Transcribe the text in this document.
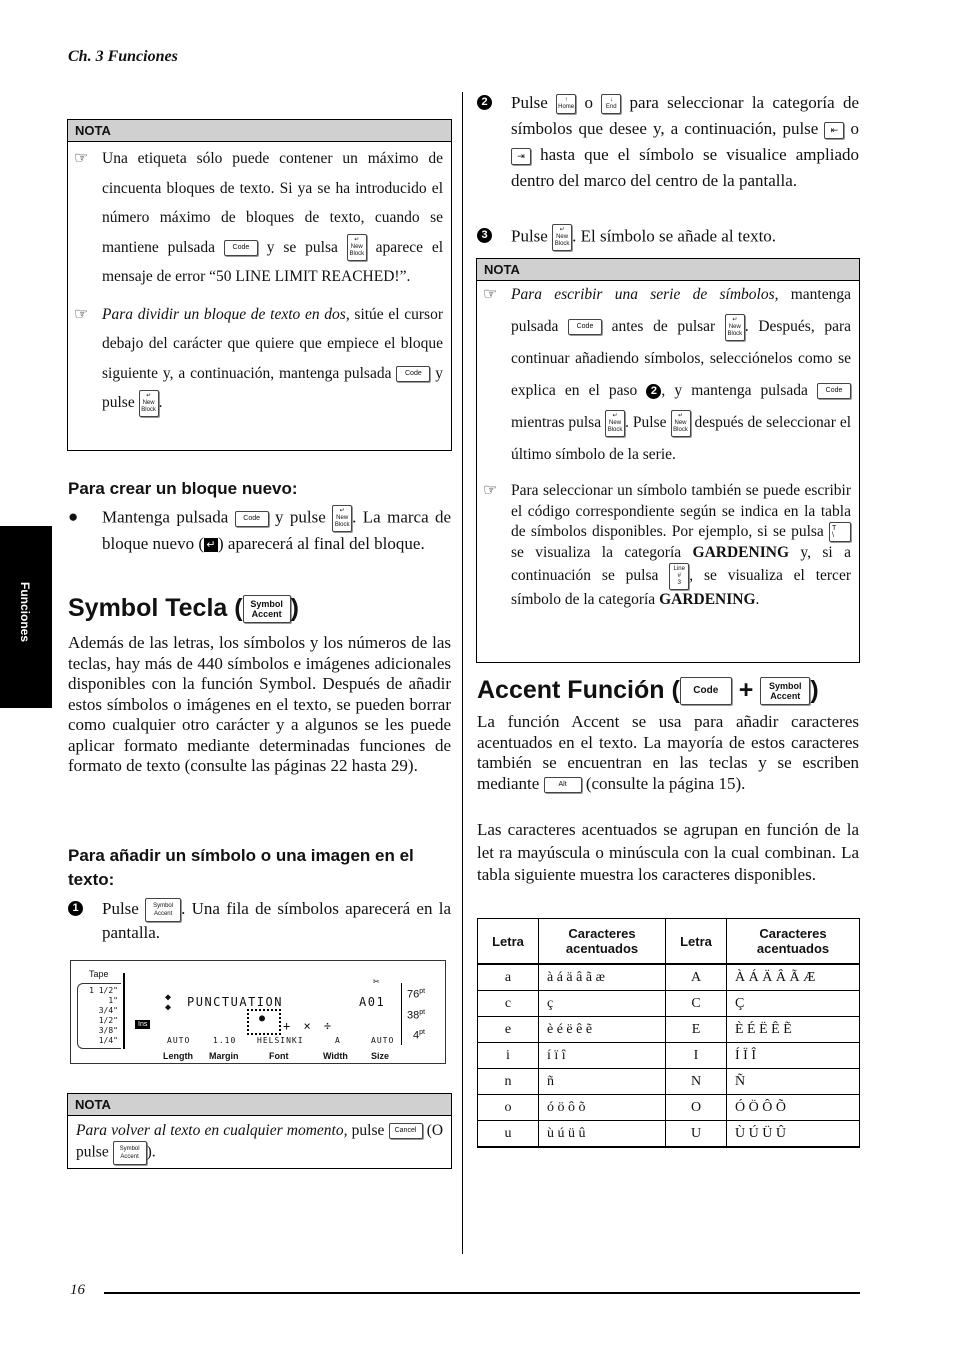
Ch. 3 Funciones
Funciones
NOTA
☞ Una etiqueta sólo puede contener un máximo de cincuenta bloques de texto. Si ya se ha introducido el número máximo de bloques de texto, cuando se mantiene pulsada	Code y se pulsa	↵
New
Block aparece el mensaje de error “50 LINE LIMIT REACHED!”.
☞ Para dividir un bloque de texto en dos, sitúe el cursor debajo del carácter que quiere que empiece el bloque siguiente y, a continuación, mantenga pulsada Code y pulse ↵
New
Block .
Para crear un bloque nuevo:
● Mantenga pulsada Code y pulse ↵
New
Block . La marca de bloque nuevo ( ↵ ) aparecerá al final del bloque.
Symbol Tecla ( Symbol
Accent )
Además de las letras, los símbolos y los números de las teclas, hay más de 440 símbolos e imágenes adicionales disponibles con la función Symbol. Después de añadir estos símbolos o imágenes en el texto, se pueden borrar como cualquier otro carácter y a algunos se les puede aplicar formato mediante determinadas funciones de formato de texto (consulte las páginas 22 hasta 29).
Para añadir un símbolo o una imagen en el texto:
1 Pulse Symbol
Accent . Una fila de símbolos aparecerá en la pantalla.
Tape
1 1/2"
1"
3/4"
1/2"
3/8"
1/4"
Ins
◆
◆ PUNCTUATION	A01
●
+ × ÷
✂
AUTO	1.10	HELSINKI	A	AUTO
$76^{pt}$
$38^{pt}$
$4^{pt}$
Length Margin	Font	Width	Size
NOTA
Para volver al texto en cualquier momento, pulse Cancel (O pulse Symbol
Accent ).
2 Pulse	↑
Home o	↓
End para seleccionar la categoría de símbolos que desee y, a continuación, pulse ⇤ o ⇥ hasta que el símbolo se visualice ampliado dentro del marco del centro de la pantalla.
3 Pulse ↵
New
Block . El símbolo se añade al texto.
NOTA
☞ Para escribir una serie de símbolos, mantenga pulsada	Code antes de pulsar	↵
New
Block . Después, para continuar añadiendo símbolos, selecciónelos como se explica en el paso 2 , y mantenga pulsada	Code mientras pulsa ↵
New
Block . Pulse ↵
New
Block después de seleccionar el último símbolo de la serie.
☞ Para seleccionar un símbolo también se puede escribir el código correspondiente según se indica en la tabla de símbolos disponibles. Por ejemplo, si se pulsa T
\ se visualiza la categoría GARDENING y, si a continuación se pulsa	Line
#
3 , se visualiza el tercer símbolo de la categoría GARDENING.
Accent Función ( Code + Symbol
Accent )
La función Accent se usa para añadir caracteres acentuados en el texto. La mayoría de estos caracteres también se encuentran en las teclas y se escriben mediante	Alt (consulte la página 15).
Las caracteres acentuados se agrupan en función de la let ra mayúscula o minúscula con la cual combinan. La tabla siguiente muestra los caracteres disponibles.
Letra	Caracteres acentuados	Letra	Caracteres acentuados
a	à á ä â ã æ	A	À Á Ä Â Ã Æ
c	ç	C	Ç
e	è é ë ê ẽ	E	È É Ë Ê Ẽ
i	í ï î	I	Í Ï Î
n	ñ	N	Ñ
o	ó ö ô õ	O	Ó Ö Ô Õ
u	ù ú ü û	U	Ù Ú Ü Û
16
